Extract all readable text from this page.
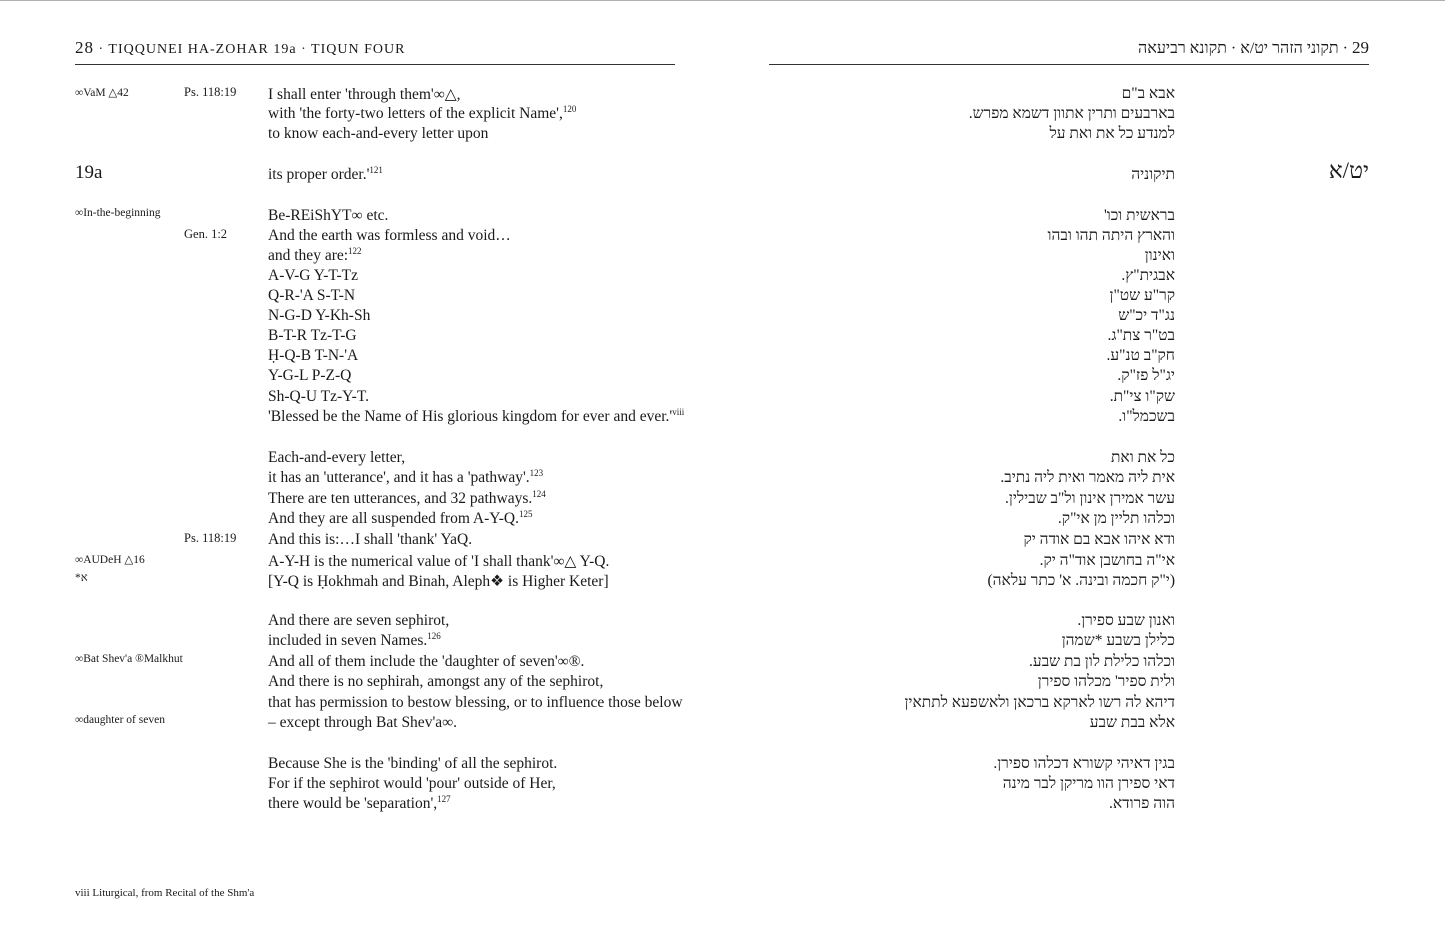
28 · TIQQUNEI HA-ZOHAR 19a · TIQUN FOUR	29 · תקוני הזהר יט/א · תקונא רביעאה
I shall enter 'through them'∞△,
with 'the forty-two letters of the explicit Name',$^{120}$
to know each-and-every letter upon
its proper $order.'^{121}$
Be-REiShYT∞ etc.
And the earth was formless and void…
and they are:$^{122}$
A-V-G Y-T-Tz
Q-R-'A S-T-N
N-G-D Y-Kh-Sh
B-T-R Tz-T-G
Ḥ-Q-B T-N-'A
Y-G-L P-Z-Q
Sh-Q-U Tz-Y-T.
'Blessed be the Name of His glorious kingdom for ever and $ever.'^{viii}$
Each-and-every letter,
it has an 'utterance', and it has a 'pathway'.$^{123}$
There are ten utterances, and 32 pathways.$^{124}$
And they are all suspended from A-Y-Q.$^{125}$
And this is:…I shall 'thank' YaQ.
A-Y-H is the numerical value of 'I shall thank'∞△ Y-Q.
[Y-Q is Ḥokhmah and Binah, Aleph❖ is Higher Keter]
And there are seven sephirot,
included in seven Names.$^{126}$
And all of them include the 'daughter of seven'∞®.
And there is no sephirah, amongst any of the sephirot,
that has permission to bestow blessing, or to influence those below
– except through Bat Shev'a∞.
Because She is the 'binding' of all the sephirot.
For if the sephirot would 'pour' outside of Her,
there would be 'separation',$^{127}$
אבא ב"ם
בארבעים ותרין אתוון דשמא מפרש.
למנדע כל את ואת על
תיקוניה
בראשית וכו'
והארץ היתה תהו ובהו
ואינון
אבגית"ץ.
קר"ע שט"ן
נג"ד יכ"ש
בט"ר צת"ג.
חק"ב טנ"ע.
יג"ל פז"ק.
שק"ו צי"ת.
בשכמל"ו.
כל את ואת
אית ליה מאמר ואית ליה נתיב.
עשר אמירן אינון ול"ב שבילין.
וכלהו תליין מן אי"ק.
ודא איהו אבא בם אודה יק
אי"ה בחושבן אוד"ה יק.
(י"ק חכמה ובינה. א' כתר עלאה)
ואנון שבע ספירן.
כלילן בשבע *שמהן
וכלהו כלילת לון בת שבע.
ולית ספיר' מכלהו ספירן
דיהא לה רשו לארקא ברכאן ולאשפעא לתתאין
אלא בבת שבע
בגין דאיהי קשורא דכלהו ספירן.
דאי ספירן הוו מריקן לבר מינה
הוה פרודא.
∞VaM △42
∞In-the-beginning
∞AUDeH △16
*א
∞Bat Shev'a ®Malkhut
∞daughter of seven
Ps. 118:19
Gen. 1:2
Ps. 118:19
19a	יט/א
viii Liturgical, from Recital of the Shm'a
